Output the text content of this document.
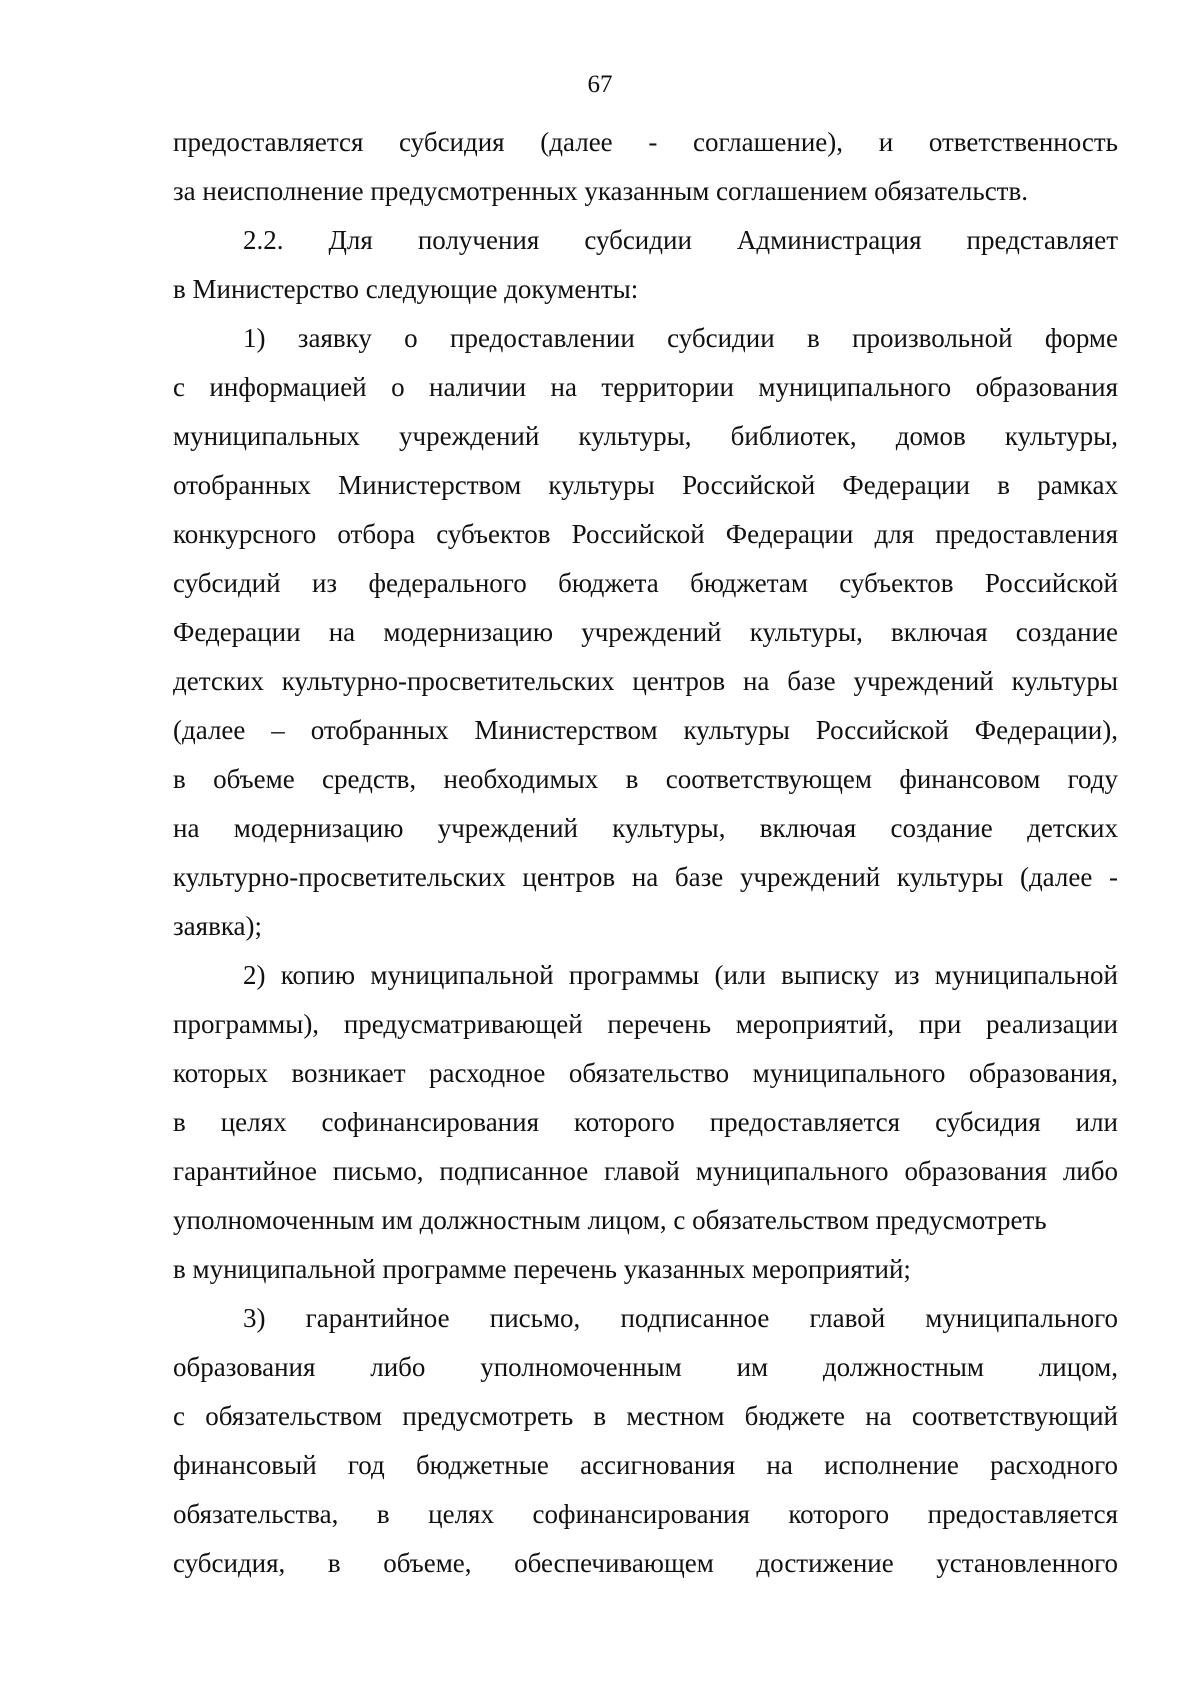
67
предоставляется субсидия (далее - соглашение), и ответственность
за неисполнение предусмотренных указанным соглашением обязательств.
2.2. Для получения субсидии Администрация представляет
в Министерство следующие документы:
1) заявку о предоставлении субсидии в произвольной форме
с информацией о наличии на территории муниципального образования
муниципальных учреждений культуры, библиотек, домов культуры,
отобранных Министерством культуры Российской Федерации в рамках
конкурсного отбора субъектов Российской Федерации для предоставления
субсидий из федерального бюджета бюджетам субъектов Российской
Федерации на модернизацию учреждений культуры, включая создание
детских культурно-просветительских центров на базе учреждений культуры
(далее – отобранных Министерством культуры Российской Федерации),
в объеме средств, необходимых в соответствующем финансовом году
на модернизацию учреждений культуры, включая создание детских
культурно-просветительских центров на базе учреждений культуры (далее -
заявка);
2) копию муниципальной программы (или выписку из муниципальной
программы), предусматривающей перечень мероприятий, при реализации
которых возникает расходное обязательство муниципального образования,
в целях софинансирования которого предоставляется субсидия или
гарантийное письмо, подписанное главой муниципального образования либо
уполномоченным им должностным лицом, с обязательством предусмотреть
в муниципальной программе перечень указанных мероприятий;
3) гарантийное письмо, подписанное главой муниципального
образования либо уполномоченным им должностным лицом,
с обязательством предусмотреть в местном бюджете на соответствующий
финансовый год бюджетные ассигнования на исполнение расходного
обязательства, в целях софинансирования которого предоставляется
субсидия, в объеме, обеспечивающем достижение установленного
